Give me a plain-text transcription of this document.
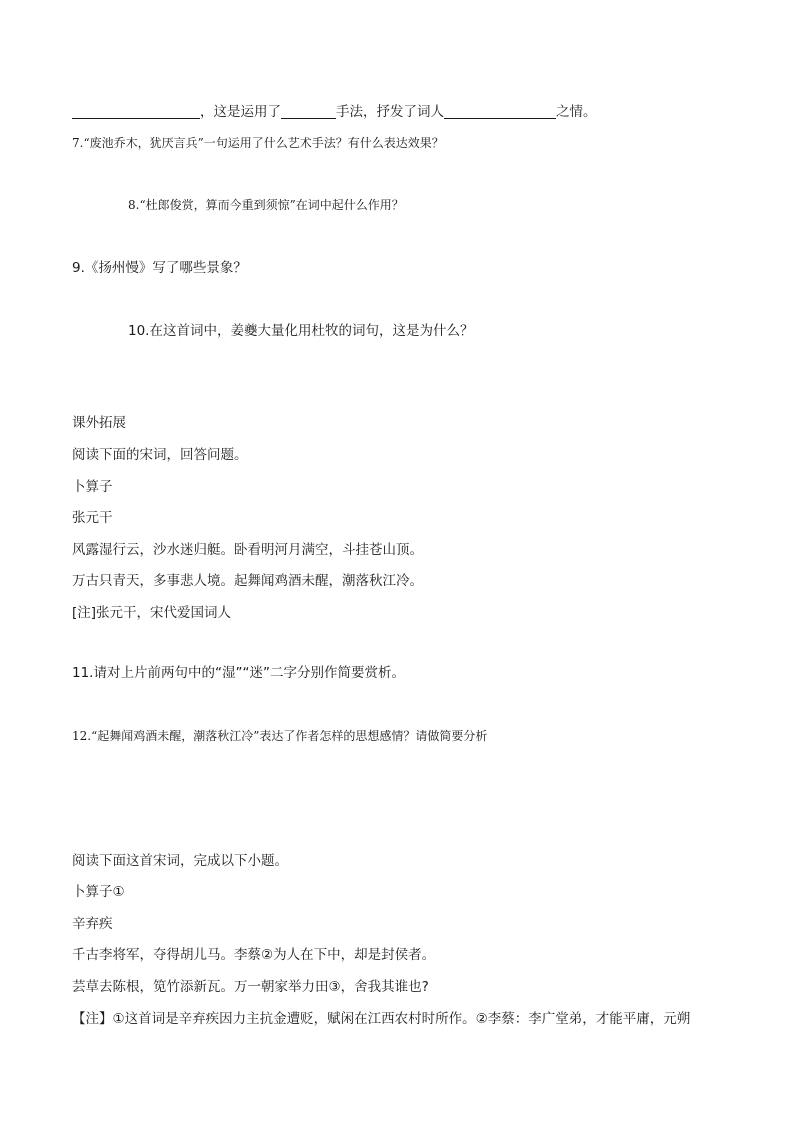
，这是运用了	手法，抒发了词人	之情。
7.“废池乔木，犹厌言兵”一句运用了什么艺术手法？有什么表达效果？
8.“杜郎俊赏，算而今重到须惊”在词中起什么作用？
9.《扬州慢》写了哪些景象？
10.在这首词中，姜夔大量化用杜牧的词句，这是为什么？
课外拓展
阅读下面的宋词，回答问题。
卜算子
张元干
风露湿行云，沙水迷归艇。卧看明河月满空，斗挂苍山顶。
万古只青天，多事悲人境。起舞闻鸡酒未醒，潮落秋江冷。
[注]张元干，宋代爱国词人
11.请对上片前两句中的“湿”“迷”二字分别作简要赏析。
12.“起舞闻鸡酒未醒，潮落秋江冷”表达了作者怎样的思想感情？请做简要分析
阅读下面这首宋词，完成以下小题。
卜算子①
辛弃疾
千古李将军，夺得胡儿马。李蔡②为人在下中，却是封侯者。
芸草去陈根，笕竹添新瓦。万一朝家举力田③，舍我其谁也?
【注】①这首词是辛弃疾因力主抗金遭贬，赋闲在江西农村时所作。②李蔡：李广堂弟，才能平庸，元朔
